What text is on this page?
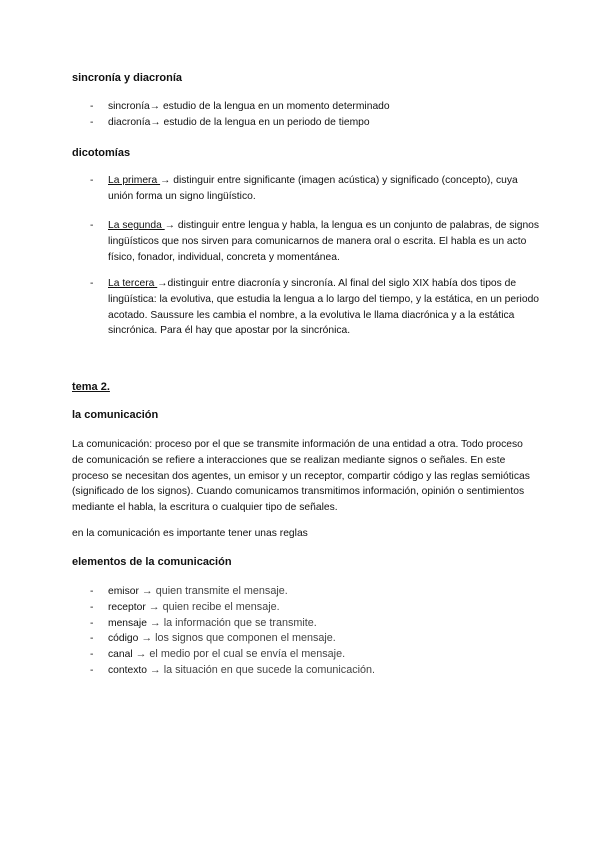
sincronía y diacronía
- sincronía→ estudio de la lengua en un momento determinado
- diacronía→ estudio de la lengua en un periodo de tiempo
dicotomías
- La primera → distinguir entre significante (imagen acústica) y significado (concepto), cuya unión forma un signo lingüístico.
- La segunda → distinguir entre lengua y habla, la lengua es un conjunto de palabras, de signos lingüísticos que nos sirven para comunicarnos de manera oral o escrita. El habla es un acto físico, fonador, individual, concreta y momentánea.
- La tercera →distinguir entre diacronía y sincronía. Al final del siglo XIX había dos tipos de lingüística: la evolutiva, que estudia la lengua a lo largo del tiempo, y la estática, en un periodo acotado. Saussure les cambia el nombre, a la evolutiva le llama diacrónica y a la estática sincrónica. Para él hay que apostar por la sincrónica.
tema 2.
la comunicación

La comunicación: proceso por el que se transmite información de una entidad a otra. Todo proceso de comunicación se refiere a interacciones que se realizan mediante signos o señales. En este proceso se necesitan dos agentes, un emisor y un receptor, compartir código y las reglas semióticas (significado de los signos). Cuando comunicamos transmitimos información, opinión o sentimientos mediante el habla, la escritura o cualquier tipo de señales.

en la comunicación es importante tener unas reglas

elementos de la comunicación
- emisor → quien transmite el mensaje.
- receptor → quien recibe el mensaje.
- mensaje → la información que se transmite.
- código → los signos que componen el mensaje.
- canal → el medio por el cual se envía el mensaje.
- contexto → la situación en que sucede la comunicación.
